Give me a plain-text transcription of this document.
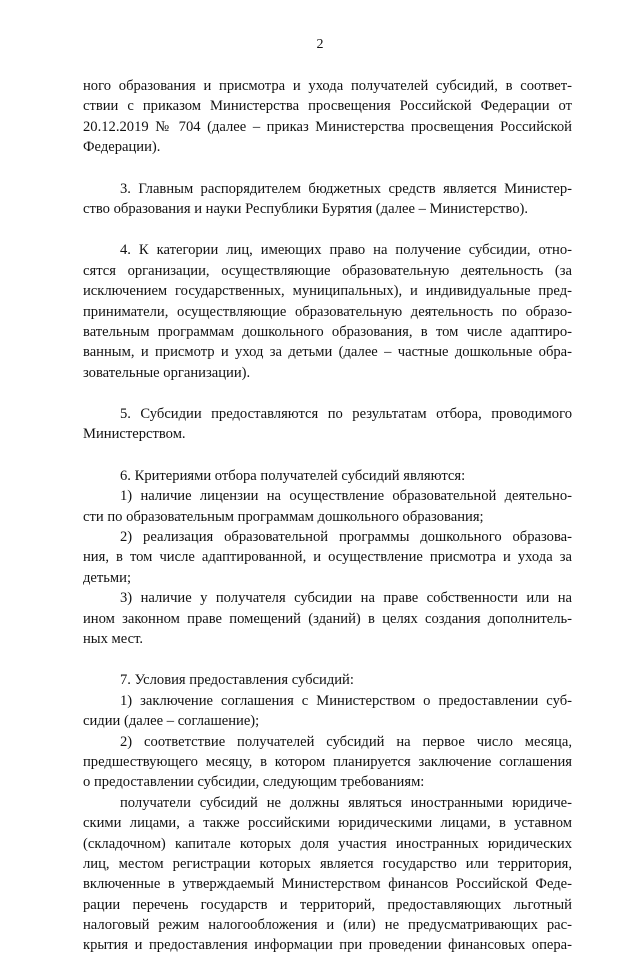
2
ного образования и присмотра и ухода получателей субсидий, в соответ-
ствии с приказом Министерства просвещения Российской Федерации от
20.12.2019 № 704 (далее – приказ Министерства просвещения Российской
Федерации).
3. Главным распорядителем бюджетных средств является Министер-
ство образования и науки Республики Бурятия (далее – Министерство).
4. К категории лиц, имеющих право на получение субсидии, отно-
сятся организации, осуществляющие образовательную деятельность (за
исключением государственных, муниципальных), и индивидуальные пред-
приниматели, осуществляющие образовательную деятельность по образо-
вательным программам дошкольного образования, в том числе адаптиро-
ванным, и присмотр и уход за детьми (далее – частные дошкольные обра-
зовательные организации).
5. Субсидии предоставляются по результатам отбора, проводимого
Министерством.
6. Критериями отбора получателей субсидий являются:
1) наличие лицензии на осуществление образовательной деятельно-
сти по образовательным программам дошкольного образования;
2) реализация образовательной программы дошкольного образова-
ния, в том числе адаптированной, и осуществление присмотра и ухода за
детьми;
3) наличие у получателя субсидии на праве собственности или на
ином законном праве помещений (зданий) в целях создания дополнитель-
ных мест.
7. Условия предоставления субсидий:
1) заключение соглашения с Министерством о предоставлении суб-
сидии (далее – соглашение);
2) соответствие получателей субсидий на первое число месяца,
предшествующего месяцу, в котором планируется заключение соглашения
о предоставлении субсидии, следующим требованиям:
получатели субсидий не должны являться иностранными юридиче-
скими лицами, а также российскими юридическими лицами, в уставном
(складочном) капитале которых доля участия иностранных юридических
лиц, местом регистрации которых является государство или территория,
включенные в утверждаемый Министерством финансов Российской Феде-
рации перечень государств и территорий, предоставляющих льготный
налоговый режим налогообложения и (или) не предусматривающих рас-
крытия и предоставления информации при проведении финансовых опера-
